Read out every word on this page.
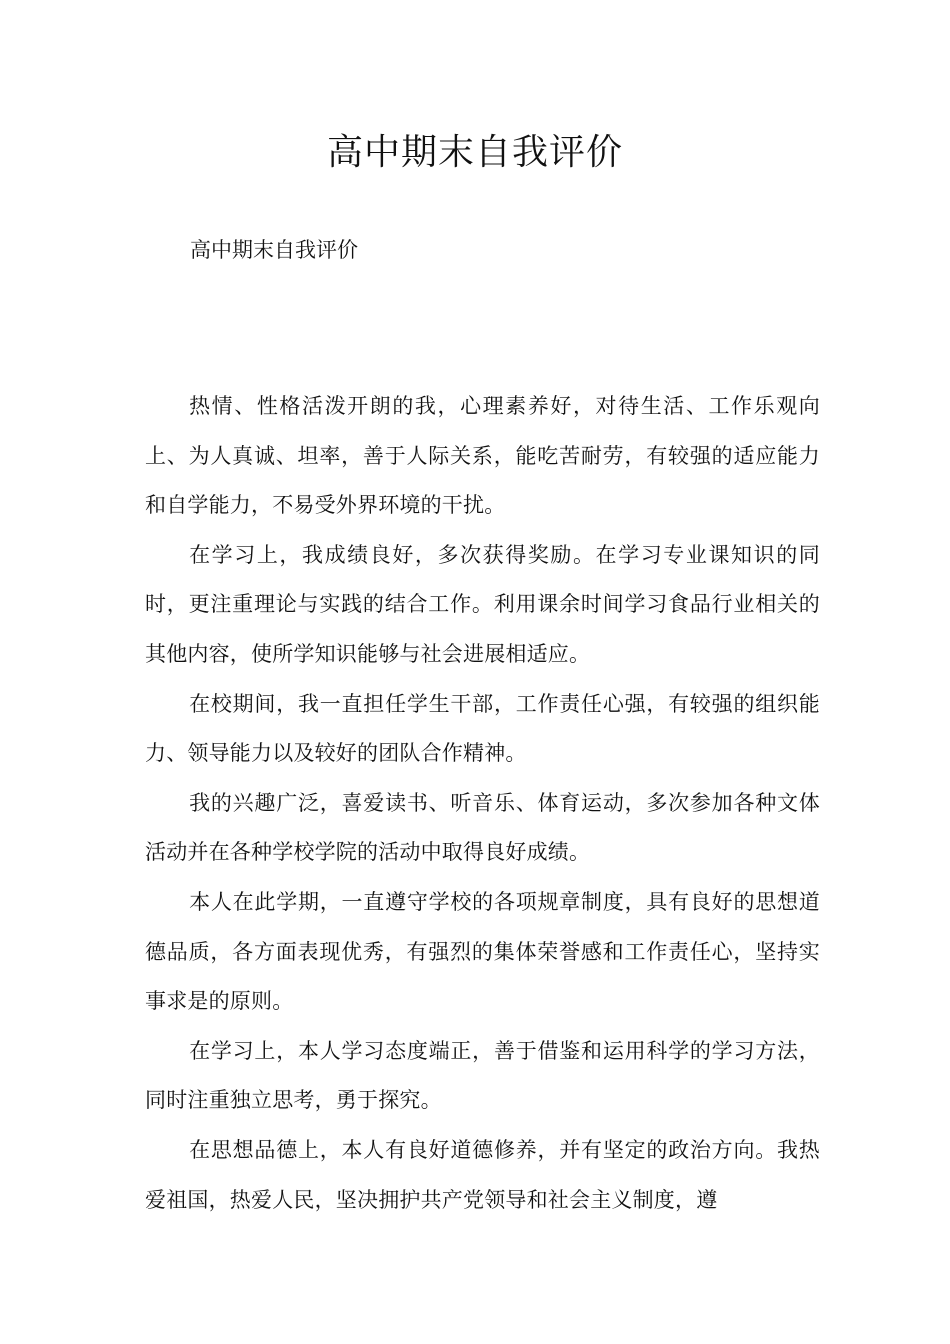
高中期末自我评价

高中期末自我评价

热情、性格活泼开朗的我，心理素养好，对待生活、工作乐观向上、为人真诚、坦率，善于人际关系，能吃苦耐劳，有较强的适应能力和自学能力，不易受外界环境的干扰。

在学习上，我成绩良好，多次获得奖励。在学习专业课知识的同时，更注重理论与实践的结合工作。利用课余时间学习食品行业相关的其他内容，使所学知识能够与社会进展相适应。

在校期间，我一直担任学生干部，工作责任心强，有较强的组织能力、领导能力以及较好的团队合作精神。

我的兴趣广泛，喜爱读书、听音乐、体育运动，多次参加各种文体活动并在各种学校学院的活动中取得良好成绩。

本人在此学期，一直遵守学校的各项规章制度，具有良好的思想道德品质，各方面表现优秀，有强烈的集体荣誉感和工作责任心，坚持实事求是的原则。

在学习上，本人学习态度端正，善于借鉴和运用科学的学习方法，同时注重独立思考，勇于探究。

在思想品德上，本人有良好道德修养，并有坚定的政治方向。我热爱祖国，热爱人民，坚决拥护共产党领导和社会主义制度，遵
